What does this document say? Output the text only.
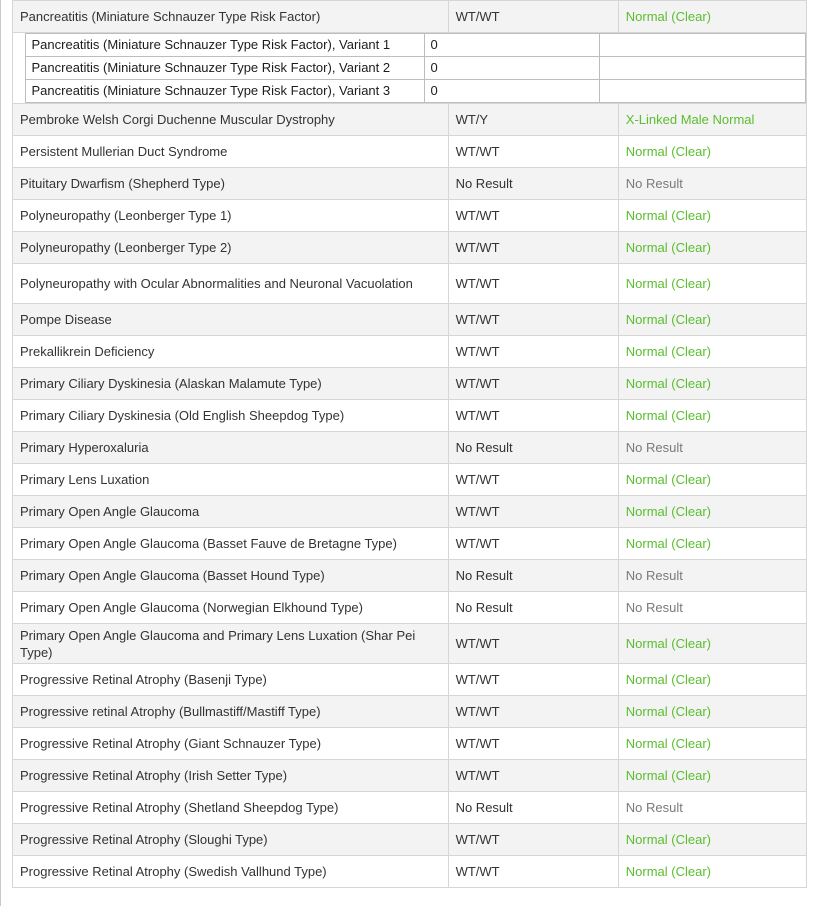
Pancreatitis (Miniature Schnauzer Type Risk Factor)	WT/WT	Normal (Clear)

	Pancreatitis (Miniature Schnauzer Type Risk Factor), Variant 1	0	
	Pancreatitis (Miniature Schnauzer Type Risk Factor), Variant 2	0	
	Pancreatitis (Miniature Schnauzer Type Risk Factor), Variant 3	0	

Pembroke Welsh Corgi Duchenne Muscular Dystrophy	WT/Y	X-Linked Male Normal
Persistent Mullerian Duct Syndrome	WT/WT	Normal (Clear)
Pituitary Dwarfism (Shepherd Type)	No Result	No Result
Polyneuropathy (Leonberger Type 1)	WT/WT	Normal (Clear)
Polyneuropathy (Leonberger Type 2)	WT/WT	Normal (Clear)
Polyneuropathy with Ocular Abnormalities and Neuronal Vacuolation	WT/WT	Normal (Clear)
Pompe Disease	WT/WT	Normal (Clear)
Prekallikrein Deficiency	WT/WT	Normal (Clear)
Primary Ciliary Dyskinesia (Alaskan Malamute Type)	WT/WT	Normal (Clear)
Primary Ciliary Dyskinesia (Old English Sheepdog Type)	WT/WT	Normal (Clear)
Primary Hyperoxaluria	No Result	No Result
Primary Lens Luxation	WT/WT	Normal (Clear)
Primary Open Angle Glaucoma	WT/WT	Normal (Clear)
Primary Open Angle Glaucoma (Basset Fauve de Bretagne Type)	WT/WT	Normal (Clear)
Primary Open Angle Glaucoma (Basset Hound Type)	No Result	No Result
Primary Open Angle Glaucoma (Norwegian Elkhound Type)	No Result	No Result
Primary Open Angle Glaucoma and Primary Lens Luxation (Shar Pei Type)	WT/WT	Normal (Clear)
Progressive Retinal Atrophy (Basenji Type)	WT/WT	Normal (Clear)
Progressive retinal Atrophy (Bullmastiff/Mastiff Type)	WT/WT	Normal (Clear)
Progressive Retinal Atrophy (Giant Schnauzer Type)	WT/WT	Normal (Clear)
Progressive Retinal Atrophy (Irish Setter Type)	WT/WT	Normal (Clear)
Progressive Retinal Atrophy (Shetland Sheepdog Type)	No Result	No Result
Progressive Retinal Atrophy (Sloughi Type)	WT/WT	Normal (Clear)
Progressive Retinal Atrophy (Swedish Vallhund Type)	WT/WT	Normal (Clear)
